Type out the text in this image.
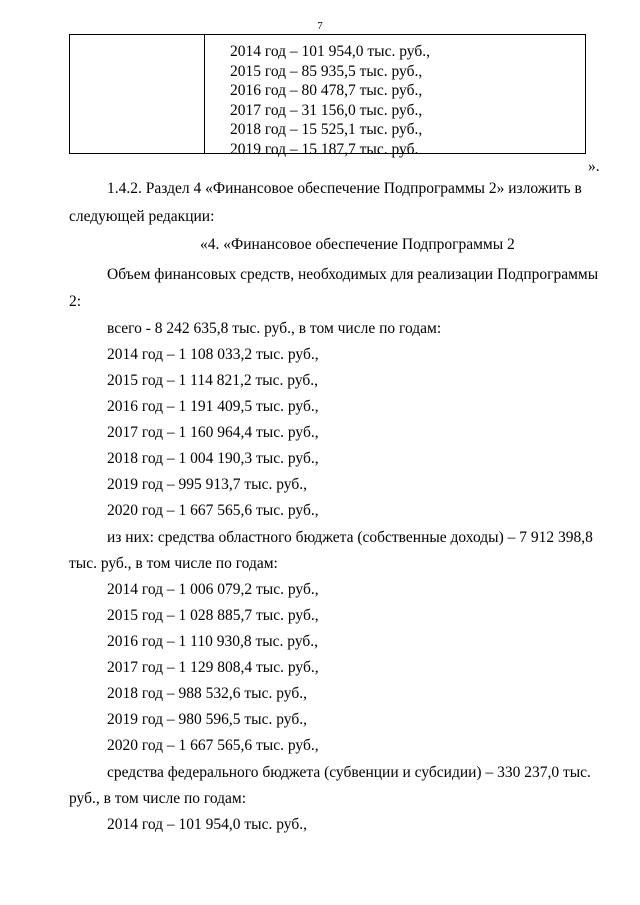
7
2014 год – 101 954,0 тыс. руб.,
2015 год – 85 935,5 тыс. руб.,
2016 год – 80 478,7 тыс. руб.,
2017 год – 31 156,0 тыс. руб.,
2018 год – 15 525,1 тыс. руб.,
2019 год – 15 187,7 тыс. руб.
».
1.4.2. Раздел 4 «Финансовое обеспечение Подпрограммы 2» изложить в
следующей редакции:
«4. «Финансовое обеспечение Подпрограммы 2
Объем финансовых средств, необходимых для реализации Подпрограммы
2:
всего - 8 242 635,8 тыс. руб., в том числе по годам:
2014 год – 1 108 033,2 тыс. руб.,
2015 год – 1 114 821,2 тыс. руб.,
2016 год – 1 191 409,5 тыс. руб.,
2017 год – 1 160 964,4 тыс. руб.,
2018 год – 1 004 190,3 тыс. руб.,
2019 год – 995 913,7 тыс. руб.,
2020 год – 1 667 565,6 тыс. руб.,
из них: средства областного бюджета (собственные доходы) – 7 912 398,8
тыс. руб., в том числе по годам:
2014 год – 1 006 079,2 тыс. руб.,
2015 год – 1 028 885,7 тыс. руб.,
2016 год – 1 110 930,8 тыс. руб.,
2017 год – 1 129 808,4 тыс. руб.,
2018 год – 988 532,6 тыс. руб.,
2019 год – 980 596,5 тыс. руб.,
2020 год – 1 667 565,6 тыс. руб.,
средства федерального бюджета (субвенции и субсидии) – 330 237,0 тыс.
руб., в том числе по годам:
2014 год – 101 954,0 тыс. руб.,
